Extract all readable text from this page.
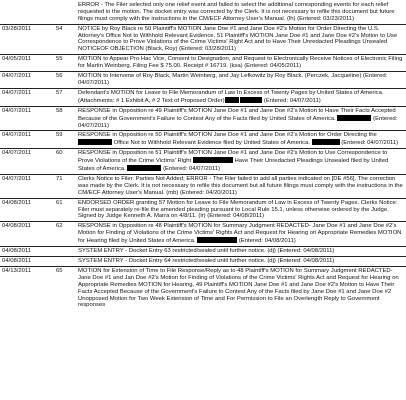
		ERROR - The Filer selected only one relief event and failed to select the additional corresponding events for each relief requested in the motion. The docket entry was corrected by the Clerk. It is not necessary to refile this document but future filings must comply with the instructions in the CM/ECF Attorney User's Manual. (lh) (Entered: 03/23/2011)
03/28/2011	54	NOTICE by Roy Black re 50 Plaintiff's MOTION Jane Doe #1 and Jane Doe #2's Motion for Order Directing the U.S. Attorney's Office Not to Withhold Relevant Evidence, 51 Plaintiff's MOTION Jane Doe #1 and Jane Doe #2's Motion to Use Correspondence to Prove Violations of the Crime Victims' Right Act and to Have Their Unredacted Pleadings Unsealed NOTICEOF OBJECTION (Black, Roy) (Entered: 03/28/2011)
04/05/2011	55	MOTION to Appear Pro Hac Vice, Consent to Designation, and Request to Electronically Receive Notices of Electronic Filing for Martin Weinberg. Filing Fee $ 75.00. Receipt # 16719. (ksa) (Entered: 04/05/2011)
04/07/2011	56	MOTION to Intervene of Roy Black, Martin Weinberg, and Jay Lefkowitz by Roy Black. (Perczek, Jacqueline) (Entered: 04/07/2011)
04/07/2011	57	Defendant's MOTION for Leave to File Memorandum of Law In Excess of Twenty Pages by United States of America. (Attachments: # 1 Exhibit A, # 2 Text of Proposed Order) (Entered: 04/07/2011)
04/07/2011	58	RESPONSE in Opposition re 49 Plaintiff's MOTION Jane Doe #1 and Jane Doe #2's Motion to Have Their Facts Accepted Because of the Government's Failure to Contest Any of the Facts filed by United States of America. (Entered: 04/07/2011)
04/07/2011	59	RESPONSE in Opposition re 50 Plaintiff's MOTION Jane Doe #1 and Jane Doe #2's Motion for Order Directing the  Office Not to Withhold Relevant Evidence filed by United States of America. (Entered: 04/07/2011)
04/07/2011	60	RESPONSE in Opposition re 51 Plaintiff's MOTION Jane Doe #1 and Jane Doe #2's Motion to Use Correspondence to Prove Violations of the Crime Victims' Right Have Their Unredacted Pleadings Unsealed filed by United States of America. (Entered: 04/07/2011)
04/07/2011	71	Clerks Notice to Filer. Parties Not Added; ERROR - The Filer failed to add all parties indicated on [DE #56]. The correction was made by the Clerk. It is not necessary to refile this document but all future filings must comply with the instructions in the CM/ECF Attorney User's Manual. (mb) (Entered: 04/20/2011)
04/08/2011	61	ENDORSED ORDER granting 57 Motion for Leave to File Memorandum of Law in Excess of Twenty Pages. Clerks Notice: Filer must separately re-file the amended pleading pursuant to Local Rule 15.1, unless otherwise ordered by the Judge. Signed by Judge Kenneth A. Marra on 4/8/11. (lr) (Entered: 04/08/2011)
04/08/2011	62	RESPONSE in Opposition re 48 Plaintiff's MOTION for Summary Judgment REDACTED- Jane Doe #1 and Jane Doe #2's Motion for Finding of Violations of the Crime Victims' Rights Act and Request for Hearing on Appropriate Remedies MOTION for Hearing filed by United States of America. (Entered: 04/08/2011)
04/08/2011		SYSTEM ENTRY - Docket Entry 63 restricted/sealed until further notice. (dj) (Entered: 04/08/2011)
04/08/2011		SYSTEM ENTRY - Docket Entry 64 restricted/sealed until further notice. (dj) (Entered: 04/08/2011)
04/13/2011	65	MOTION for Extension of Time to File Response/Reply as to 48 Plaintiff's MOTION for Summary Judgment REDACTED- Jane Doe #1 and Jan Doe #2's Motion for Finding of Violations of the Crime Victims' Rights Act and Request for Hearing on Appropriate Remedies MOTION for Hearing, 49 Plaintiff's MOTION Jane Doe #1 and Jane Doe #2's Motion to Have Their Facts Accepted Because of the Government's Failure to Contest Any of the Facts filed by Jane Doe #1 and Jane Doe #2 Unopposed Motion for Two Week Extension of Time and For Permission to File an Overlength Reply to Government responses
